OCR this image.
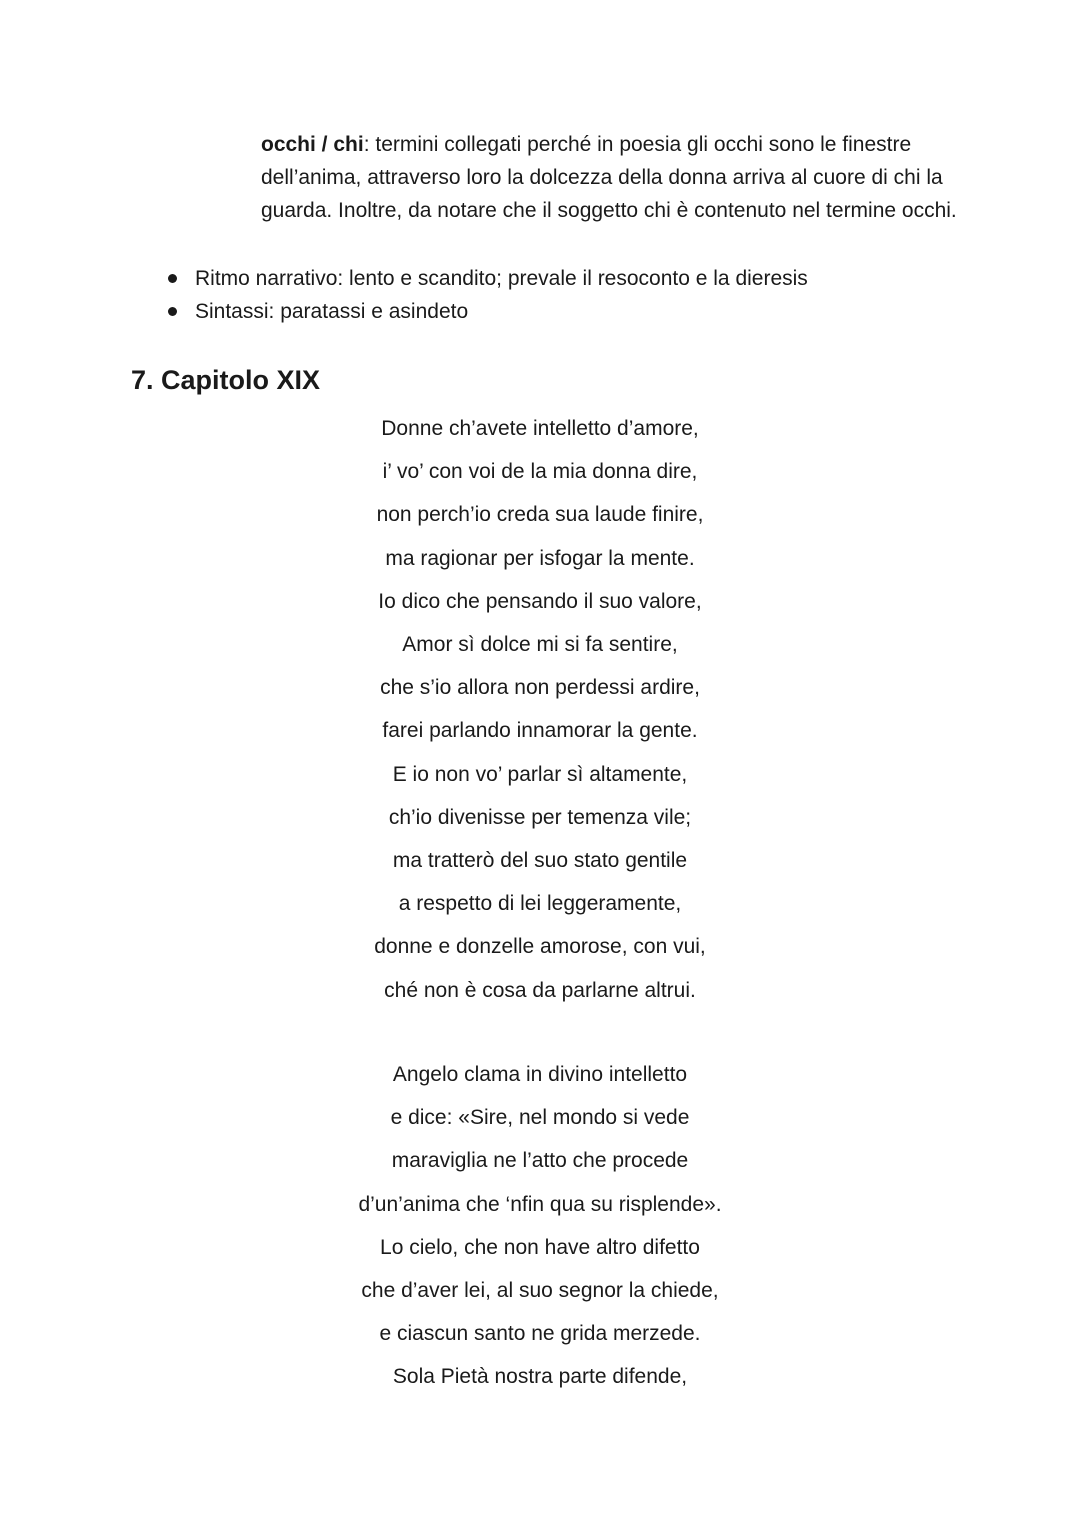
occhi / chi: termini collegati perché in poesia gli occhi sono le finestre dell’anima, attraverso loro la dolcezza della donna arriva al cuore di chi la guarda. Inoltre, da notare che il soggetto chi è contenuto nel termine occhi.

Ritmo narrativo: lento e scandito; prevale il resoconto e la dieresis
Sintassi: paratassi e asindeto
7. Capitolo XIX
Donne ch’avete intelletto d’amore,
i’ vo’ con voi de la mia donna dire,
non perch’io creda sua laude finire,
ma ragionar per isfogar la mente.
Io dico che pensando il suo valore,
Amor sì dolce mi si fa sentire,
che s’io allora non perdessi ardire,
farei parlando innamorar la gente.
E io non vo’ parlar sì altamente,
ch’io divenisse per temenza vile;
ma tratterò del suo stato gentile
a respetto di lei leggeramente,
donne e donzelle amorose, con vui,
ché non è cosa da parlarne altrui.
Angelo clama in divino intelletto
e dice: «Sire, nel mondo si vede
maraviglia ne l’atto che procede
d’un’anima che ‘nfin qua su risplende».
Lo cielo, che non have altro difetto
che d’aver lei, al suo segnor la chiede,
e ciascun santo ne grida merzede.
Sola Pietà nostra parte difende,
